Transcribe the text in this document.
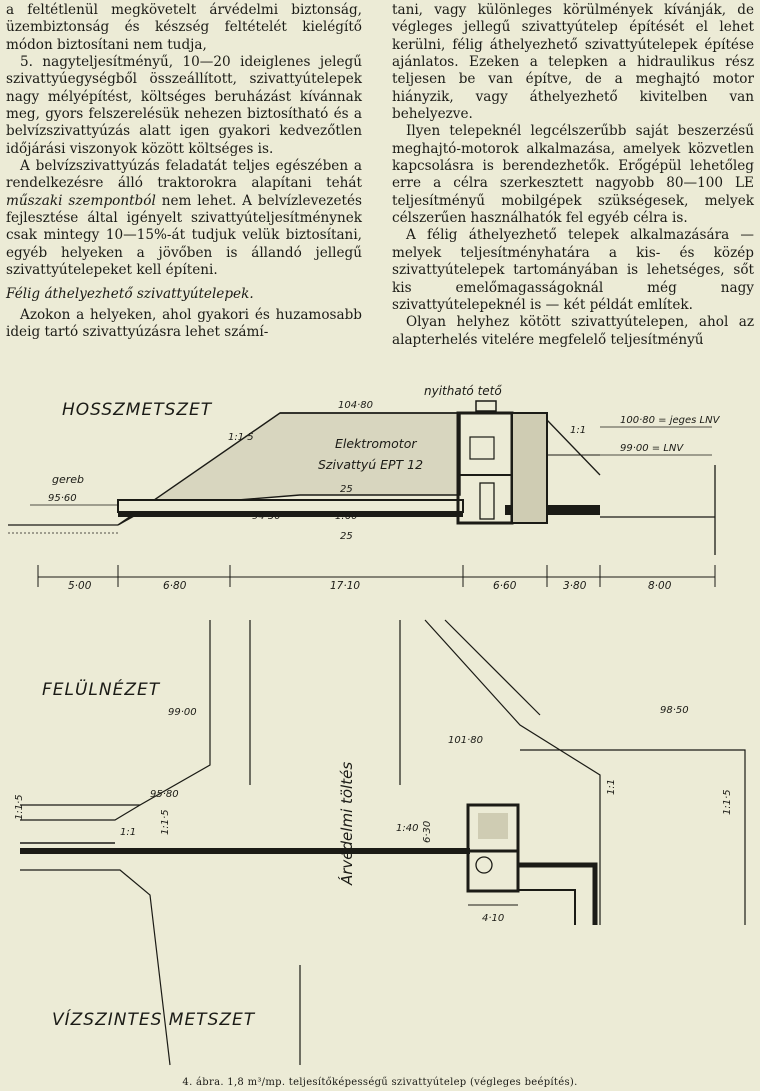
a feltétlenül megkövetelt árvédelmi biztonság, üzembiztonság és készség feltételét kielégítő módon biztosítani nem tudja,

5. nagyteljesítményű, 10—20 ideiglenes jelegű szivattyúegységből összeállított, szivattyútelepek nagy mélyépítést, költséges beruházást kívánnak meg, gyors felszerelésük nehezen biztosítható és a belvízszivattyúzás alatt igen gyakori kedvezőtlen időjárási viszonyok között költséges is.

A belvízszivattyúzás feladatát teljes egészében a rendelkezésre álló traktorokra alapítani tehát műszaki szempontból nem lehet. A belvízlevezetés fejlesztése által igényelt szivattyúteljesítménynek csak mintegy 10—15%-át tudjuk velük biztosítani, egyéb helyeken a jövőben is állandó jellegű szivattyútelepeket kell építeni.

Félig áthelyezhető szivattyútelepek.

Azokon a helyeken, ahol gyakori és huzamosabb ideig tartó szivattyúzásra lehet számí-

tani, vagy különleges körülmények kívánják, de végleges jellegű szivattyútelep építését el lehet kerülni, félig áthelyezhető szivattyútelepek építése ajánlatos. Ezeken a telepken a hidraulikus rész teljesen be van építve, de a meghajtó motor hiányzik, vagy áthelyezhető kivitelben van behelyezve.

Ilyen telepeknél legcélszerűbb saját beszerzésű meghajtó-motorok alkalmazása, amelyek közvetlen kapcsolásra is berendezhetők. Erőgépül lehetőleg erre a célra szerkesztett nagyobb 80—100 LE teljesítményű mobilgépek szükségesek, melyek célszerűen használhatók fel egyéb célra is.

A félig áthelyezhető telepek alkalmazására — melyek teljesítményhatára a kis- és közép szivattyútelepek tartományában is lehetséges, sőt kis emelőmagasságoknál még nagy szivattyútelepeknél is — két példát említek.

Olyan helyhez kötött szivattyútelepen, ahol az alapterhelés vitelére megfelelő teljesítményű

HOSSZMETSZET
nyitható tető
Elektromotor
Szivattyú EPT 12
1:1·5
1:1
104·80
100·80 = jeges LNV
99·00 = LNV
gereb
95·60
94·50	1:60
25
25
5·00	6·80	17·10	6·60	3·80	8·00
FELÜLNÉZET
VÍZSZINTES METSZET
Árvédelmi töltés
99·00
101·80
98·50
95·80
1:1·5
1:1·5
1:1
1:1
1:1·5
1:40 6·30
4·10
4. ábra. 1,8 m³/mp. teljesítőképességű szivattyútelep (végleges beépítés).
